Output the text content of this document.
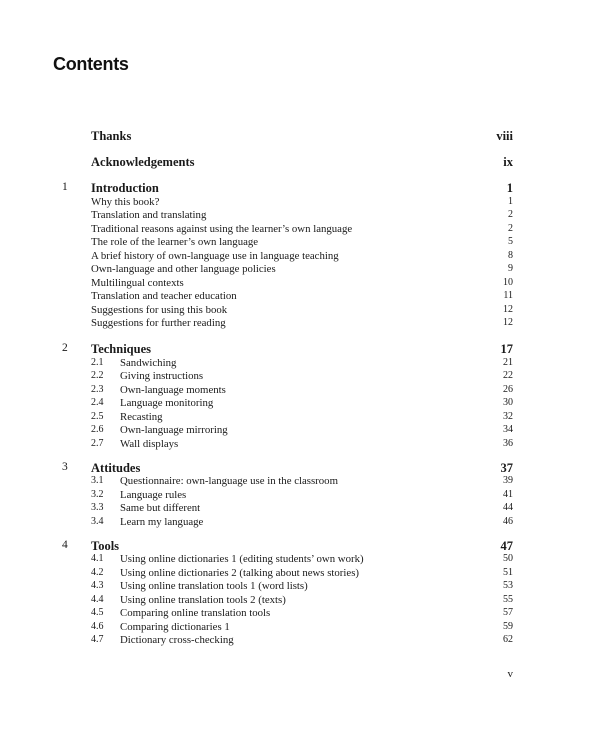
Contents
Thanks	viii
Acknowledgements	ix
1 Introduction	1
Why this book?	1
Translation and translating	2
Traditional reasons against using the learner’s own language	2
The role of the learner’s own language	5
A brief history of own-language use in language teaching	8
Own-language and other language policies	9
Multilingual contexts	10
Translation and teacher education	11
Suggestions for using this book	12
Suggestions for further reading	12
2 Techniques	17
2.1 Sandwiching	21
2.2 Giving instructions	22
2.3 Own-language moments	26
2.4 Language monitoring	30
2.5 Recasting	32
2.6 Own-language mirroring	34
2.7 Wall displays	36
3 Attitudes	37
3.1 Questionnaire: own-language use in the classroom	39
3.2 Language rules	41
3.3 Same but different	44
3.4 Learn my language	46
4 Tools	47
4.1 Using online dictionaries 1 (editing students’ own work)	50
4.2 Using online dictionaries 2 (talking about news stories)	51
4.3 Using online translation tools 1 (word lists)	53
4.4 Using online translation tools 2 (texts)	55
4.5 Comparing online translation tools	57
4.6 Comparing dictionaries 1	59
4.7 Dictionary cross-checking	62
v
